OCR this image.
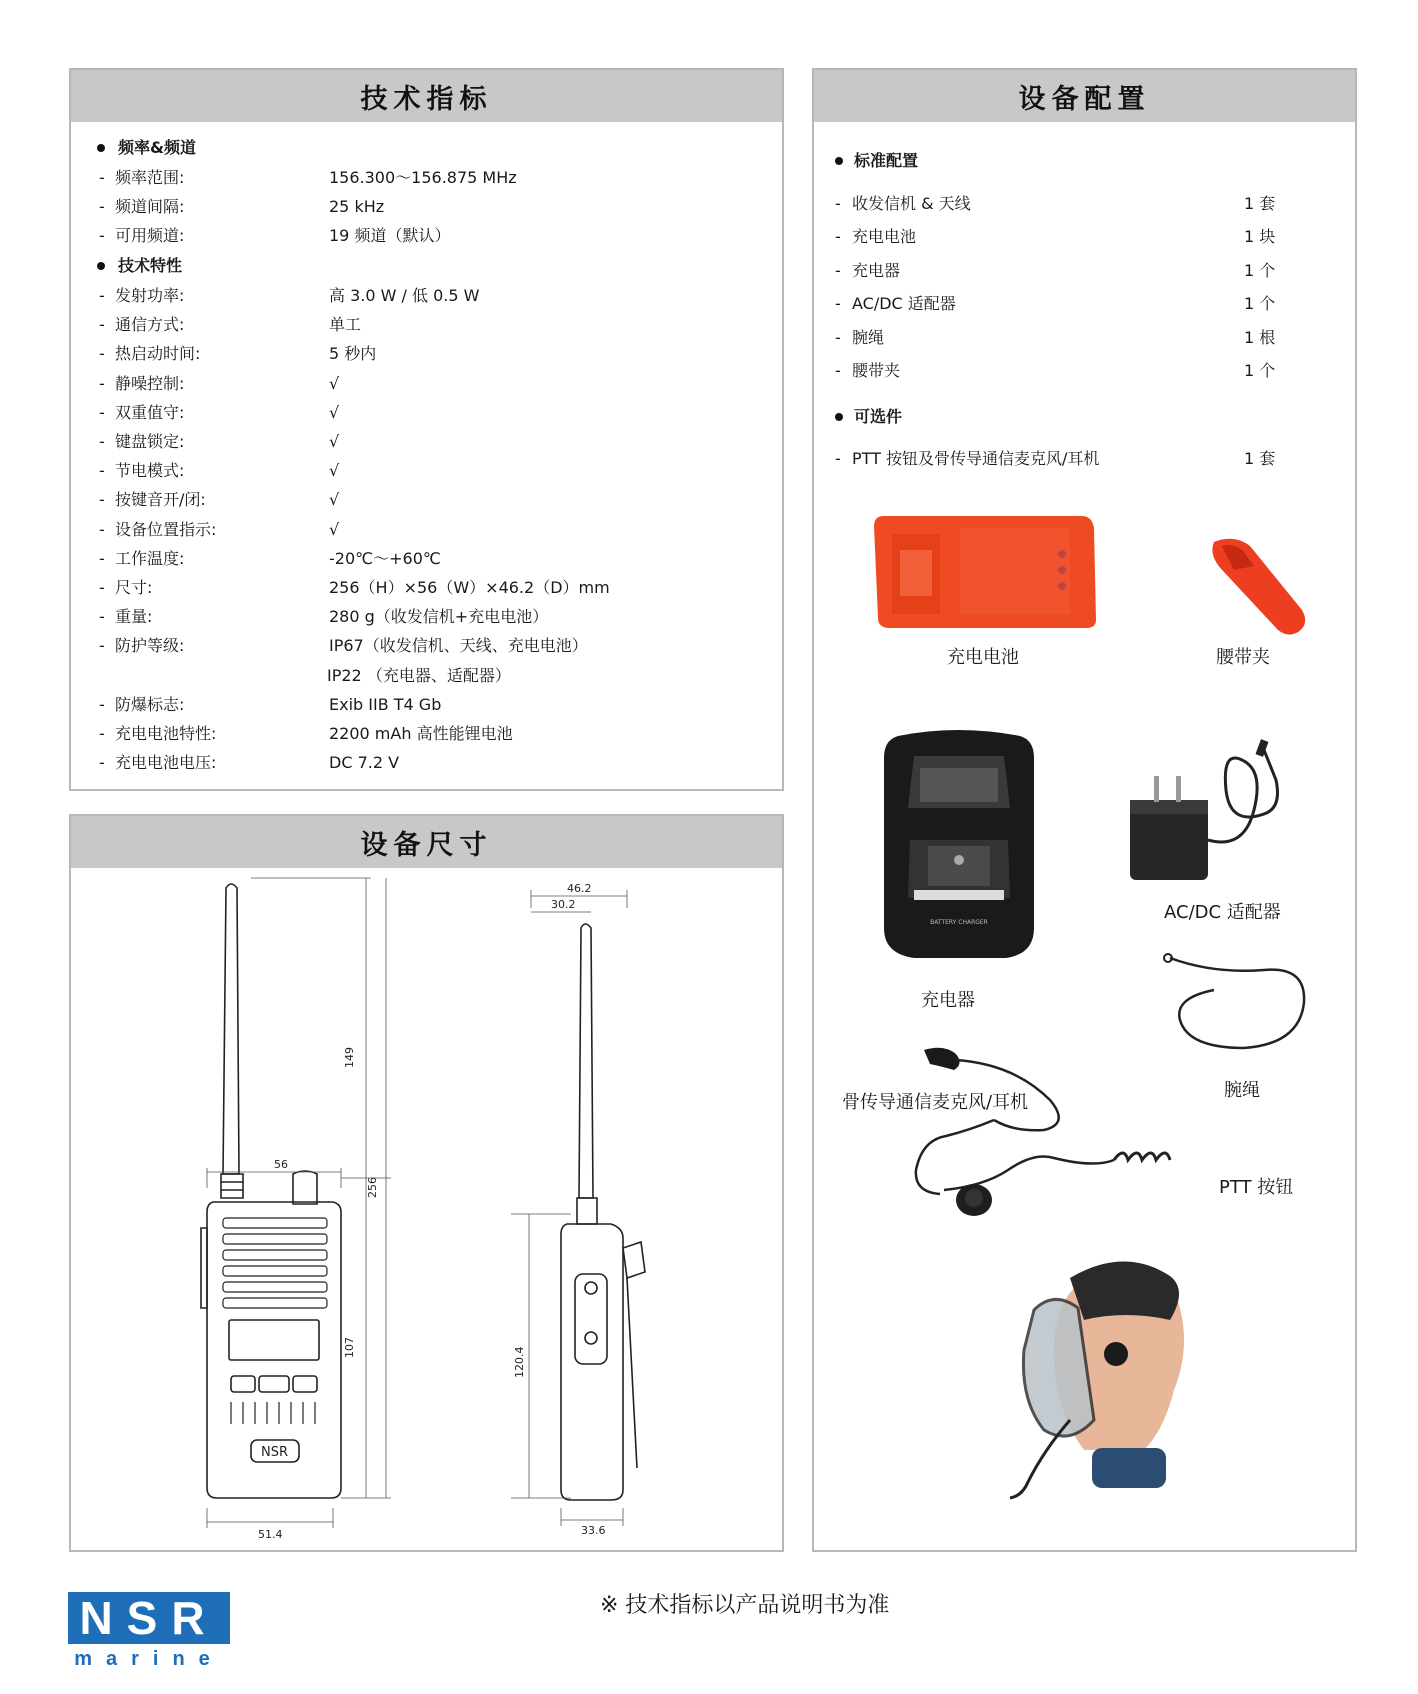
技术指标
频率&频道
- 频率范围:	156.300～156.875 MHz
- 频道间隔:	25 kHz
- 可用频道:	19 频道（默认）
技术特性
- 发射功率:	高 3.0 W / 低 0.5 W
- 通信方式:	单工
- 热启动时间:	5 秒内
- 静噪控制:	√
- 双重值守:	√
- 键盘锁定:	√
- 节电模式:	√
- 按键音开/闭:	√
- 设备位置指示:	√
- 工作温度:	-20℃～+60℃
- 尺寸:	256（H）×56（W）×46.2（D）mm
- 重量:	280 g（收发信机+充电电池）
- 防护等级:	IP67（收发信机、天线、充电电池）
IP22 （充电器、适配器）
- 防爆标志:	Exib IIB T4 Gb
- 充电电池特性:	2200 mAh 高性能锂电池
- 充电电池电压:	DC 7.2 V
设备配置
标准配置
- 收发信机 & 天线	1 套
- 充电电池	1 块
- 充电器	1 个
- AC/DC 适配器	1 个
- 腕绳	1 根
- 腰带夹	1 个
可选件
- PTT 按钮及骨传导通信麦克风/耳机	1 套
充电电池	腰带夹
BATTERY CHARGER
充电器
AC/DC 适配器
腕绳
骨传导通信麦克风/耳机
PTT 按钮
设备尺寸
56
51.4
149
256
107
46.2
30.2
33.6
120.4
NSR
NSR
marine
※ 技术指标以产品说明书为准
